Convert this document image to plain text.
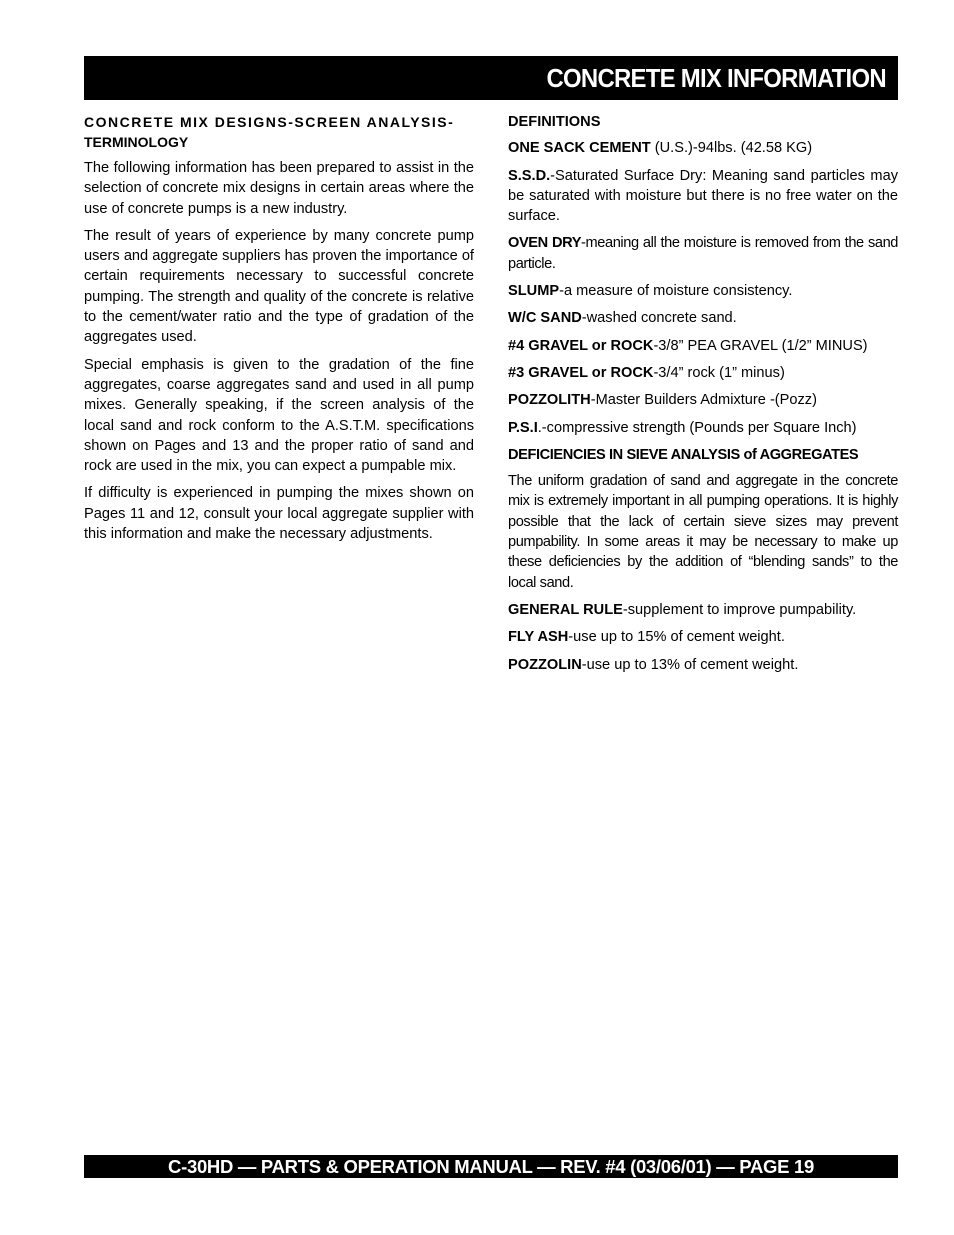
CONCRETE MIX INFORMATION
CONCRETE MIX DESIGNS-SCREEN ANALYSIS-
TERMINOLOGY

The following information has been prepared to assist in the selection of concrete mix designs in certain areas where the use of concrete pumps is a new industry.

The result of years of experience by many concrete pump users and aggregate suppliers has proven the importance of certain requirements necessary to successful concrete pumping. The strength and quality of the concrete is relative to the cement/water ratio and the type of gradation of the aggregates used.

Special emphasis is given to the gradation of the fine aggregates, coarse aggregates sand and used in all pump mixes. Generally speaking, if the screen analysis of the local sand and rock conform to the A.S.T.M. specifications shown on Pages and 13 and the proper ratio of sand and rock are used in the mix, you can expect a pumpable mix.

If difficulty is experienced in pumping the mixes shown on Pages 11 and 12, consult your local aggregate supplier with this information and make the necessary adjustments.

DEFINITIONS

ONE SACK CEMENT (U.S.)-94lbs. (42.58 KG)

S.S.D.-Saturated Surface Dry: Meaning sand particles may be saturated with moisture but there is no free water on the surface.

OVEN DRY-meaning all the moisture is removed from the sand particle.

SLUMP-a measure of moisture consistency.

W/C SAND-washed concrete sand.

#4 GRAVEL or ROCK-3/8” PEA GRAVEL (1/2” MINUS)

#3 GRAVEL or ROCK-3/4” rock (1” minus)

POZZOLITH-Master Builders Admixture -(Pozz)

P.S.I.-compressive strength (Pounds per Square Inch)

DEFICIENCIES IN SIEVE ANALYSIS of AGGREGATES

The uniform gradation of sand and aggregate in the concrete mix is extremely important in all pumping operations. It is highly possible that the lack of certain sieve sizes may prevent pumpability. In some areas it may be necessary to make up these deficiencies by the addition of “blending sands” to the local sand.

GENERAL RULE-supplement to improve pumpability.

FLY ASH-use up to 15% of cement weight.

POZZOLIN-use up to 13% of cement weight.

C-30HD — PARTS & OPERATION MANUAL — REV. #4 (03/06/01) — PAGE 19
